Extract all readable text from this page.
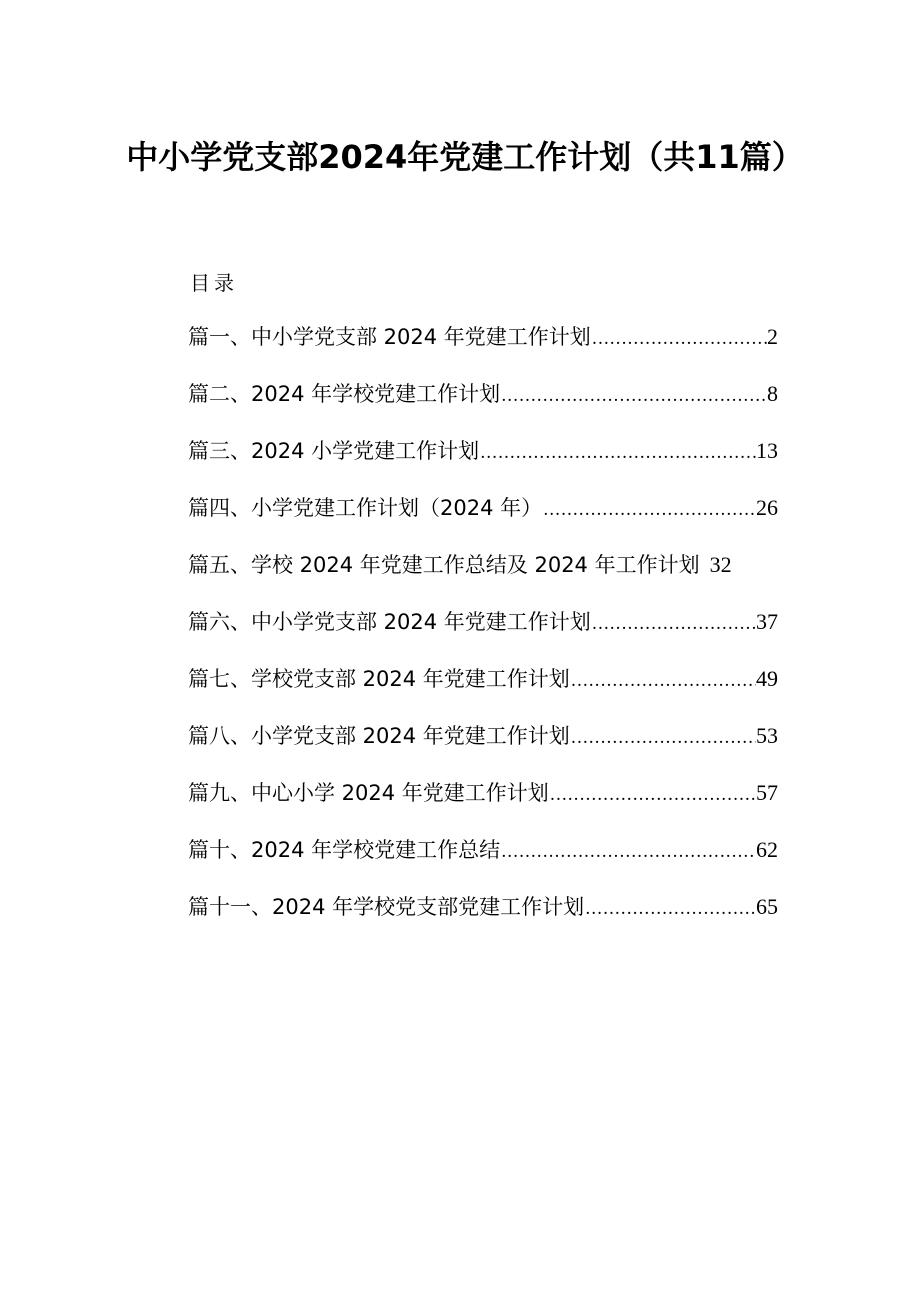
中小学党支部2024年党建工作计划（共11篇）
目录
篇一、中小学党支部 2024 年党建工作计划 .....	2
篇二、2024 年学校党建工作计划 .....	8
篇三、2024 小学党建工作计划 .....	13
篇四、小学党建工作计划（2024 年） .....	26
篇五、学校 2024 年党建工作总结及 2024 年工作计划 32
篇六、中小学党支部 2024 年党建工作计划 .....	37
篇七、学校党支部 2024 年党建工作计划 .....	49
篇八、小学党支部 2024 年党建工作计划 .....	53
篇九、中心小学 2024 年党建工作计划 .....	57
篇十、2024 年学校党建工作总结 .....	62
篇十一、2024 年学校党支部党建工作计划 .....	65
